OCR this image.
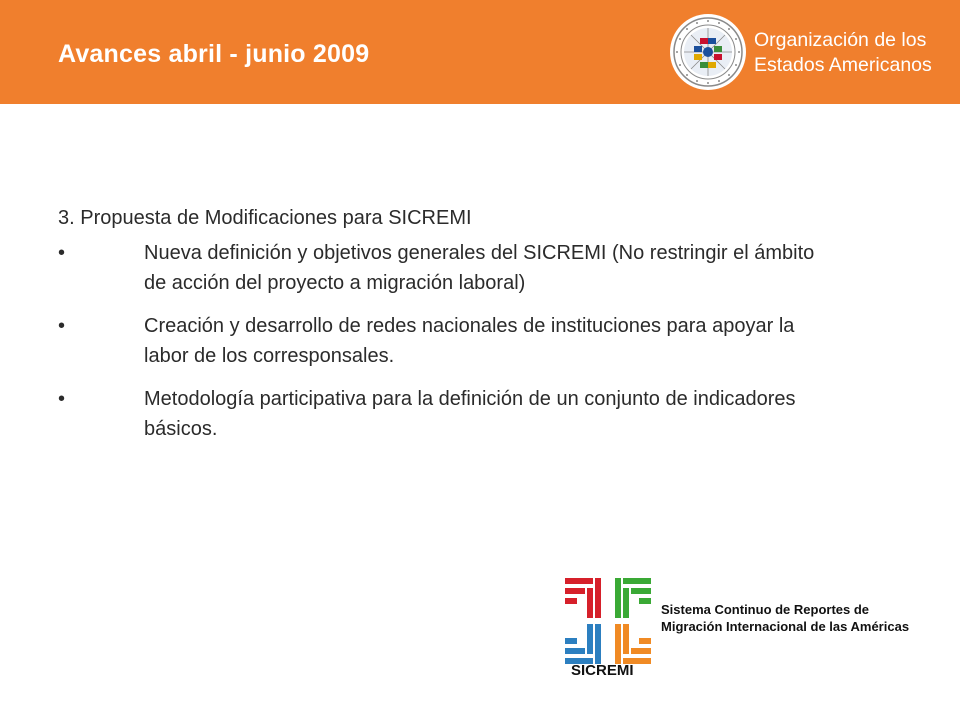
Avances abril - junio 2009	Organización de los
Estados Americanos
3. Propuesta de Modificaciones para SICREMI
•	Nueva definición y objetivos generales del SICREMI (No restringir el ámbito de acción del proyecto a migración laboral)
•	Creación y desarrollo de redes nacionales de instituciones para apoyar la labor de los corresponsales.
•	Metodología participativa para la definición de un conjunto de indicadores básicos.
SICREMI
Sistema Continuo de Reportes de
Migración Internacional de las Américas
